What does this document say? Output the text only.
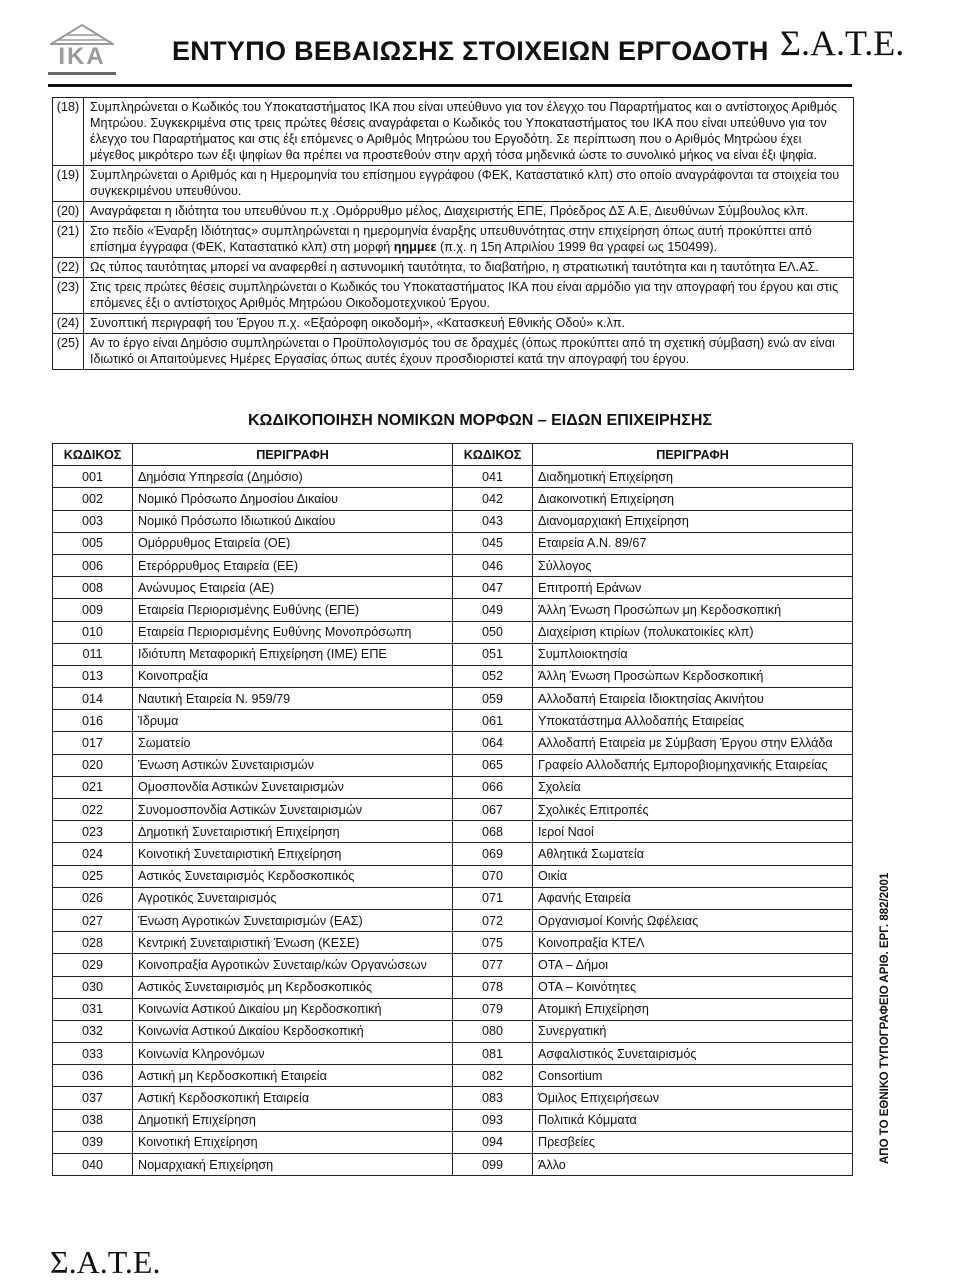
IKA	ΕΝΤΥΠΟ ΒΕΒΑΙΩΣΗΣ ΣΤΟΙΧΕΙΩΝ ΕΡΓΟΔΟΤΗ Σ.Α.Τ.Ε.
(18)	Συμπληρώνεται ο Κωδικός του Υποκαταστήματος ΙΚΑ που είναι υπεύθυνο για τον έλεγχο του Παραρτήματος και ο αντίστοιχος Αριθμός Μητρώου. Συγκεκριμένα στις τρεις πρώτες θέσεις αναγράφεται ο Κωδικός του Υποκαταστήματος του ΙΚΑ που είναι υπεύθυνο για τον έλεγχο του Παραρτήματος και στις έξι επόμενες ο Αριθμός Μητρώου του Εργοδότη. Σε περίπτωση που ο Αριθμός Μητρώου έχει μέγεθος μικρότερο των έξι ψηφίων θα πρέπει να προστεθούν στην αρχή τόσα μηδενικά ώστε το συνολικό μήκος να είναι έξι ψηφία.
(19)	Συμπληρώνεται ο Αριθμός και η Ημερομηνία του επίσημου εγγράφου (ΦΕΚ, Καταστατικό κλπ) στο οποίο αναγράφονται τα στοιχεία του συγκεκριμένου υπευθύνου.
(20)	Αναγράφεται η ιδιότητα του υπευθύνου π.χ .Ομόρρυθμο μέλος, Διαχειριστής ΕΠΕ, Πρόεδρος ΔΣ Α.Ε, Διευθύνων Σύμβουλος κλπ.
(21)	Στο πεδίο «Έναρξη Ιδιότητας» συμπληρώνεται η ημερομηνία έναρξης υπευθυνότητας στην επιχείρηση όπως αυτή προκύπτει από επίσημα έγγραφα (ΦΕΚ, Καταστατικό κλπ) στη μορφή ηημμεε (π.χ. η 15η Απριλίου 1999 θα γραφεί ως 150499).
(22)	Ως τύπος ταυτότητας μπορεί να αναφερθεί η αστυνομική ταυτότητα, το διαβατήριο, η στρατιωτική ταυτότητα και η ταυτότητα ΕΛ.ΑΣ.
(23)	Στις τρεις πρώτες θέσεις συμπληρώνεται ο Κωδικός του Υποκαταστήματος ΙΚΑ που είναι αρμόδιο για την απογραφή του έργου και στις επόμενες έξι ο αντίστοιχος Αριθμός Μητρώου Οικοδομοτεχνικού Έργου.
(24)	Συνοπτική περιγραφή του Έργου π.χ. «Εξαόροφη οικοδομή», «Κατασκευή Εθνικής Οδού» κ.λπ.
(25)	Αν το έργο είναι Δημόσιο συμπληρώνεται ο Προϋπολογισμός του σε δραχμές (όπως προκύπτει από τη σχετική σύμβαση) ενώ αν είναι Ιδιωτικό οι Απαιτούμενες Ημέρες Εργασίας όπως αυτές έχουν προσδιοριστεί κατά την απογραφή του έργου.
ΚΩΔΙΚΟΠΟΙΗΣΗ ΝΟΜΙΚΩΝ ΜΟΡΦΩΝ – ΕΙΔΩΝ ΕΠΙΧΕΙΡΗΣΗΣ
ΚΩΔΙΚΟΣ	ΠΕΡΙΓΡΑΦΗ	ΚΩΔΙΚΟΣ	ΠΕΡΙΓΡΑΦΗ
001	Δημόσια Υπηρεσία (Δημόσιο)	041	Διαδημοτική Επιχείρηση
002	Νομικό Πρόσωπο Δημοσίου Δικαίου	042	Διακοινοτική Επιχείρηση
003	Νομικό Πρόσωπο Ιδιωτικού Δικαίου	043	Διανομαρχιακή Επιχείρηση
005	Ομόρρυθμος Εταιρεία (ΟΕ)	045	Εταιρεία Α.Ν. 89/67
006	Ετερόρρυθμος Εταιρεία (ΕΕ)	046	Σύλλογος
008	Ανώνυμος Εταιρεία (ΑΕ)	047	Επιτροπή Εράνων
009	Εταιρεία Περιορισμένης Ευθύνης (ΕΠΕ)	049	Άλλη Ένωση Προσώπων μη Κερδοσκοπική
010	Εταιρεία Περιορισμένης Ευθύνης Μονοπρόσωπη	050	Διαχείριση κτιρίων (πολυκατοικίες κλπ)
011	Ιδιότυπη Μεταφορική Επιχείρηση (ΙΜΕ) ΕΠΕ	051	Συμπλοιοκτησία
013	Κοινοπραξία	052	Άλλη Ένωση Προσώπων Κερδοσκοπική
014	Ναυτική Εταιρεία Ν. 959/79	059	Αλλοδαπή Εταιρεία Ιδιοκτησίας Ακινήτου
016	Ίδρυμα	061	Υποκατάστημα Αλλοδαπής Εταιρείας
017	Σωματείο	064	Αλλοδαπή Εταιρεία με Σύμβαση Έργου στην Ελλάδα
020	Ένωση Αστικών Συνεταιρισμών	065	Γραφείο Αλλοδαπής Εμποροβιομηχανικής Εταιρείας
021	Ομοσπονδία Αστικών Συνεταιρισμών	066	Σχολεία
022	Συνομοσπονδία Αστικών Συνεταιρισμών	067	Σχολικές Επιτροπές
023	Δημοτική Συνεταιριστική Επιχείρηση	068	Ιεροί Ναοί
024	Κοινοτική Συνεταιριστική Επιχείρηση	069	Αθλητικά Σωματεία
025	Αστικός Συνεταιρισμός Κερδοσκοπικός	070	Οικία
026	Αγροτικός Συνεταιρισμός	071	Αφανής Εταιρεία
027	Ένωση Αγροτικών Συνεταιρισμών (ΕΑΣ)	072	Οργανισμοί Κοινής Ωφέλειας
028	Κεντρική Συνεταιριστική Ένωση (ΚΕΣΕ)	075	Κοινοπραξία ΚΤΕΛ
029	Κοινοπραξία Αγροτικών Συνεταιρ/κών Οργανώσεων	077	ΟΤΑ – Δήμοι
030	Αστικός Συνεταιρισμός μη Κερδοσκοπικός	078	ΟΤΑ – Κοινότητες
031	Κοινωνία Αστικού Δικαίου μη Κερδοσκοπική	079	Ατομική Επιχείρηση
032	Κοινωνία Αστικού Δικαίου Κερδοσκοπική	080	Συνεργατική
033	Κοινωνία Κληρονόμων	081	Ασφαλιστικός Συνεταιρισμός
036	Αστική μη Κερδοσκοπική Εταιρεία	082	Consortium
037	Αστική Κερδοσκοπική Εταιρεία	083	Όμιλος Επιχειρήσεων
038	Δημοτική Επιχείρηση	093	Πολιτικά Κόμματα
039	Κοινοτική Επιχείρηση	094	Πρεσβείες
040	Νομαρχιακή Επιχείρηση	099	Άλλο
ΑΠΟ ΤΟ ΕΘΝΙΚΟ ΤΥΠΟΓΡΑΦΕΙΟ ΑΡΙΘ. ΕΡΓ. 882/2001
Σ.Α.Τ.Ε.
